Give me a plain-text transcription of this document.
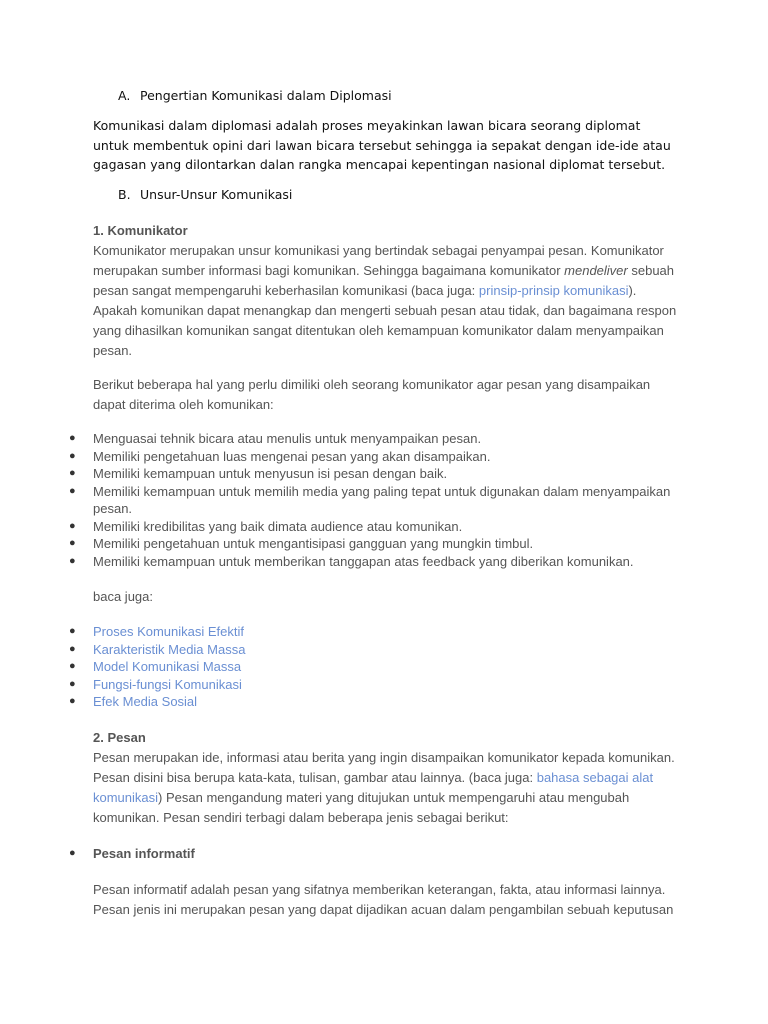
A. Pengertian Komunikasi dalam Diplomasi
Komunikasi dalam diplomasi adalah proses meyakinkan lawan bicara seorang diplomat untuk membentuk opini dari lawan bicara tersebut sehingga ia sepakat dengan ide-ide atau gagasan yang dilontarkan dalan rangka mencapai kepentingan nasional diplomat tersebut.
B. Unsur-Unsur Komunikasi
1. Komunikator
Komunikator merupakan unsur komunikasi yang bertindak sebagai penyampai pesan. Komunikator merupakan sumber informasi bagi komunikan. Sehingga bagaimana komunikator mendeliver sebuah pesan sangat mempengaruhi keberhasilan komunikasi (baca juga: prinsip-prinsip komunikasi). Apakah komunikan dapat menangkap dan mengerti sebuah pesan atau tidak, dan bagaimana respon yang dihasilkan komunikan sangat ditentukan oleh kemampuan komunikator dalam menyampaikan pesan.
Berikut beberapa hal yang perlu dimiliki oleh seorang komunikator agar pesan yang disampaikan dapat diterima oleh komunikan:
● Menguasai tehnik bicara atau menulis untuk menyampaikan pesan.
● Memiliki pengetahuan luas mengenai pesan yang akan disampaikan.
● Memiliki kemampuan untuk menyusun isi pesan dengan baik.
● Memiliki kemampuan untuk memilih media yang paling tepat untuk digunakan dalam menyampaikan pesan.
● Memiliki kredibilitas yang baik dimata audience atau komunikan.
● Memiliki pengetahuan untuk mengantisipasi gangguan yang mungkin timbul.
● Memiliki kemampuan untuk memberikan tanggapan atas feedback yang diberikan komunikan.
baca juga:
● Proses Komunikasi Efektif
● Karakteristik Media Massa
● Model Komunikasi Massa
● Fungsi-fungsi Komunikasi
● Efek Media Sosial
2. Pesan
Pesan merupakan ide, informasi atau berita yang ingin disampaikan komunikator kepada komunikan. Pesan disini bisa berupa kata-kata, tulisan, gambar atau lainnya. (baca juga: bahasa sebagai alat komunikasi) Pesan mengandung materi yang ditujukan untuk mempengaruhi atau mengubah komunikan. Pesan sendiri terbagi dalam beberapa jenis sebagai berikut:
● Pesan informatif
Pesan informatif adalah pesan yang sifatnya memberikan keterangan, fakta, atau informasi lainnya. Pesan jenis ini merupakan pesan yang dapat dijadikan acuan dalam pengambilan sebuah keputusan
